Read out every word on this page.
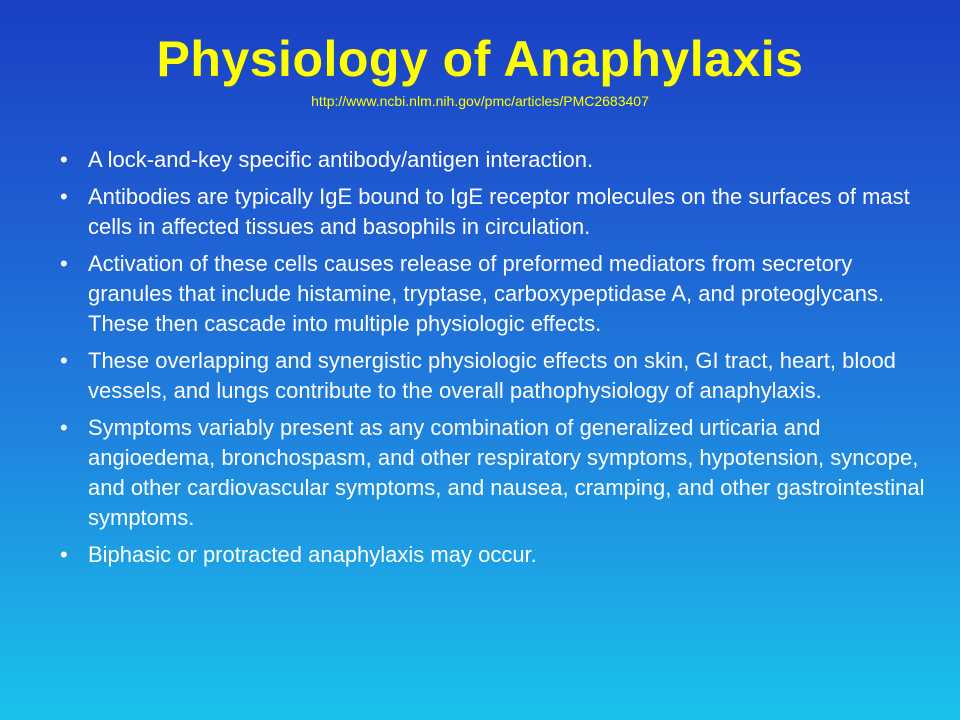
Physiology of Anaphylaxis
http://www.ncbi.nlm.nih.gov/pmc/articles/PMC2683407
• A lock-and-key specific antibody/antigen interaction.
• Antibodies are typically IgE bound to IgE receptor molecules on the surfaces of mast cells in affected tissues and basophils in circulation.
• Activation of these cells causes release of preformed mediators from secretory granules that include histamine, tryptase, carboxypeptidase A, and proteoglycans. These then cascade into multiple physiologic effects.
• These overlapping and synergistic physiologic effects on skin, GI tract, heart, blood vessels, and lungs contribute to the overall pathophysiology of anaphylaxis.
• Symptoms variably present as any combination of generalized urticaria and angioedema, bronchospasm, and other respiratory symptoms, hypotension, syncope, and other cardiovascular symptoms, and nausea, cramping, and other gastrointestinal symptoms.
• Biphasic or protracted anaphylaxis may occur.
